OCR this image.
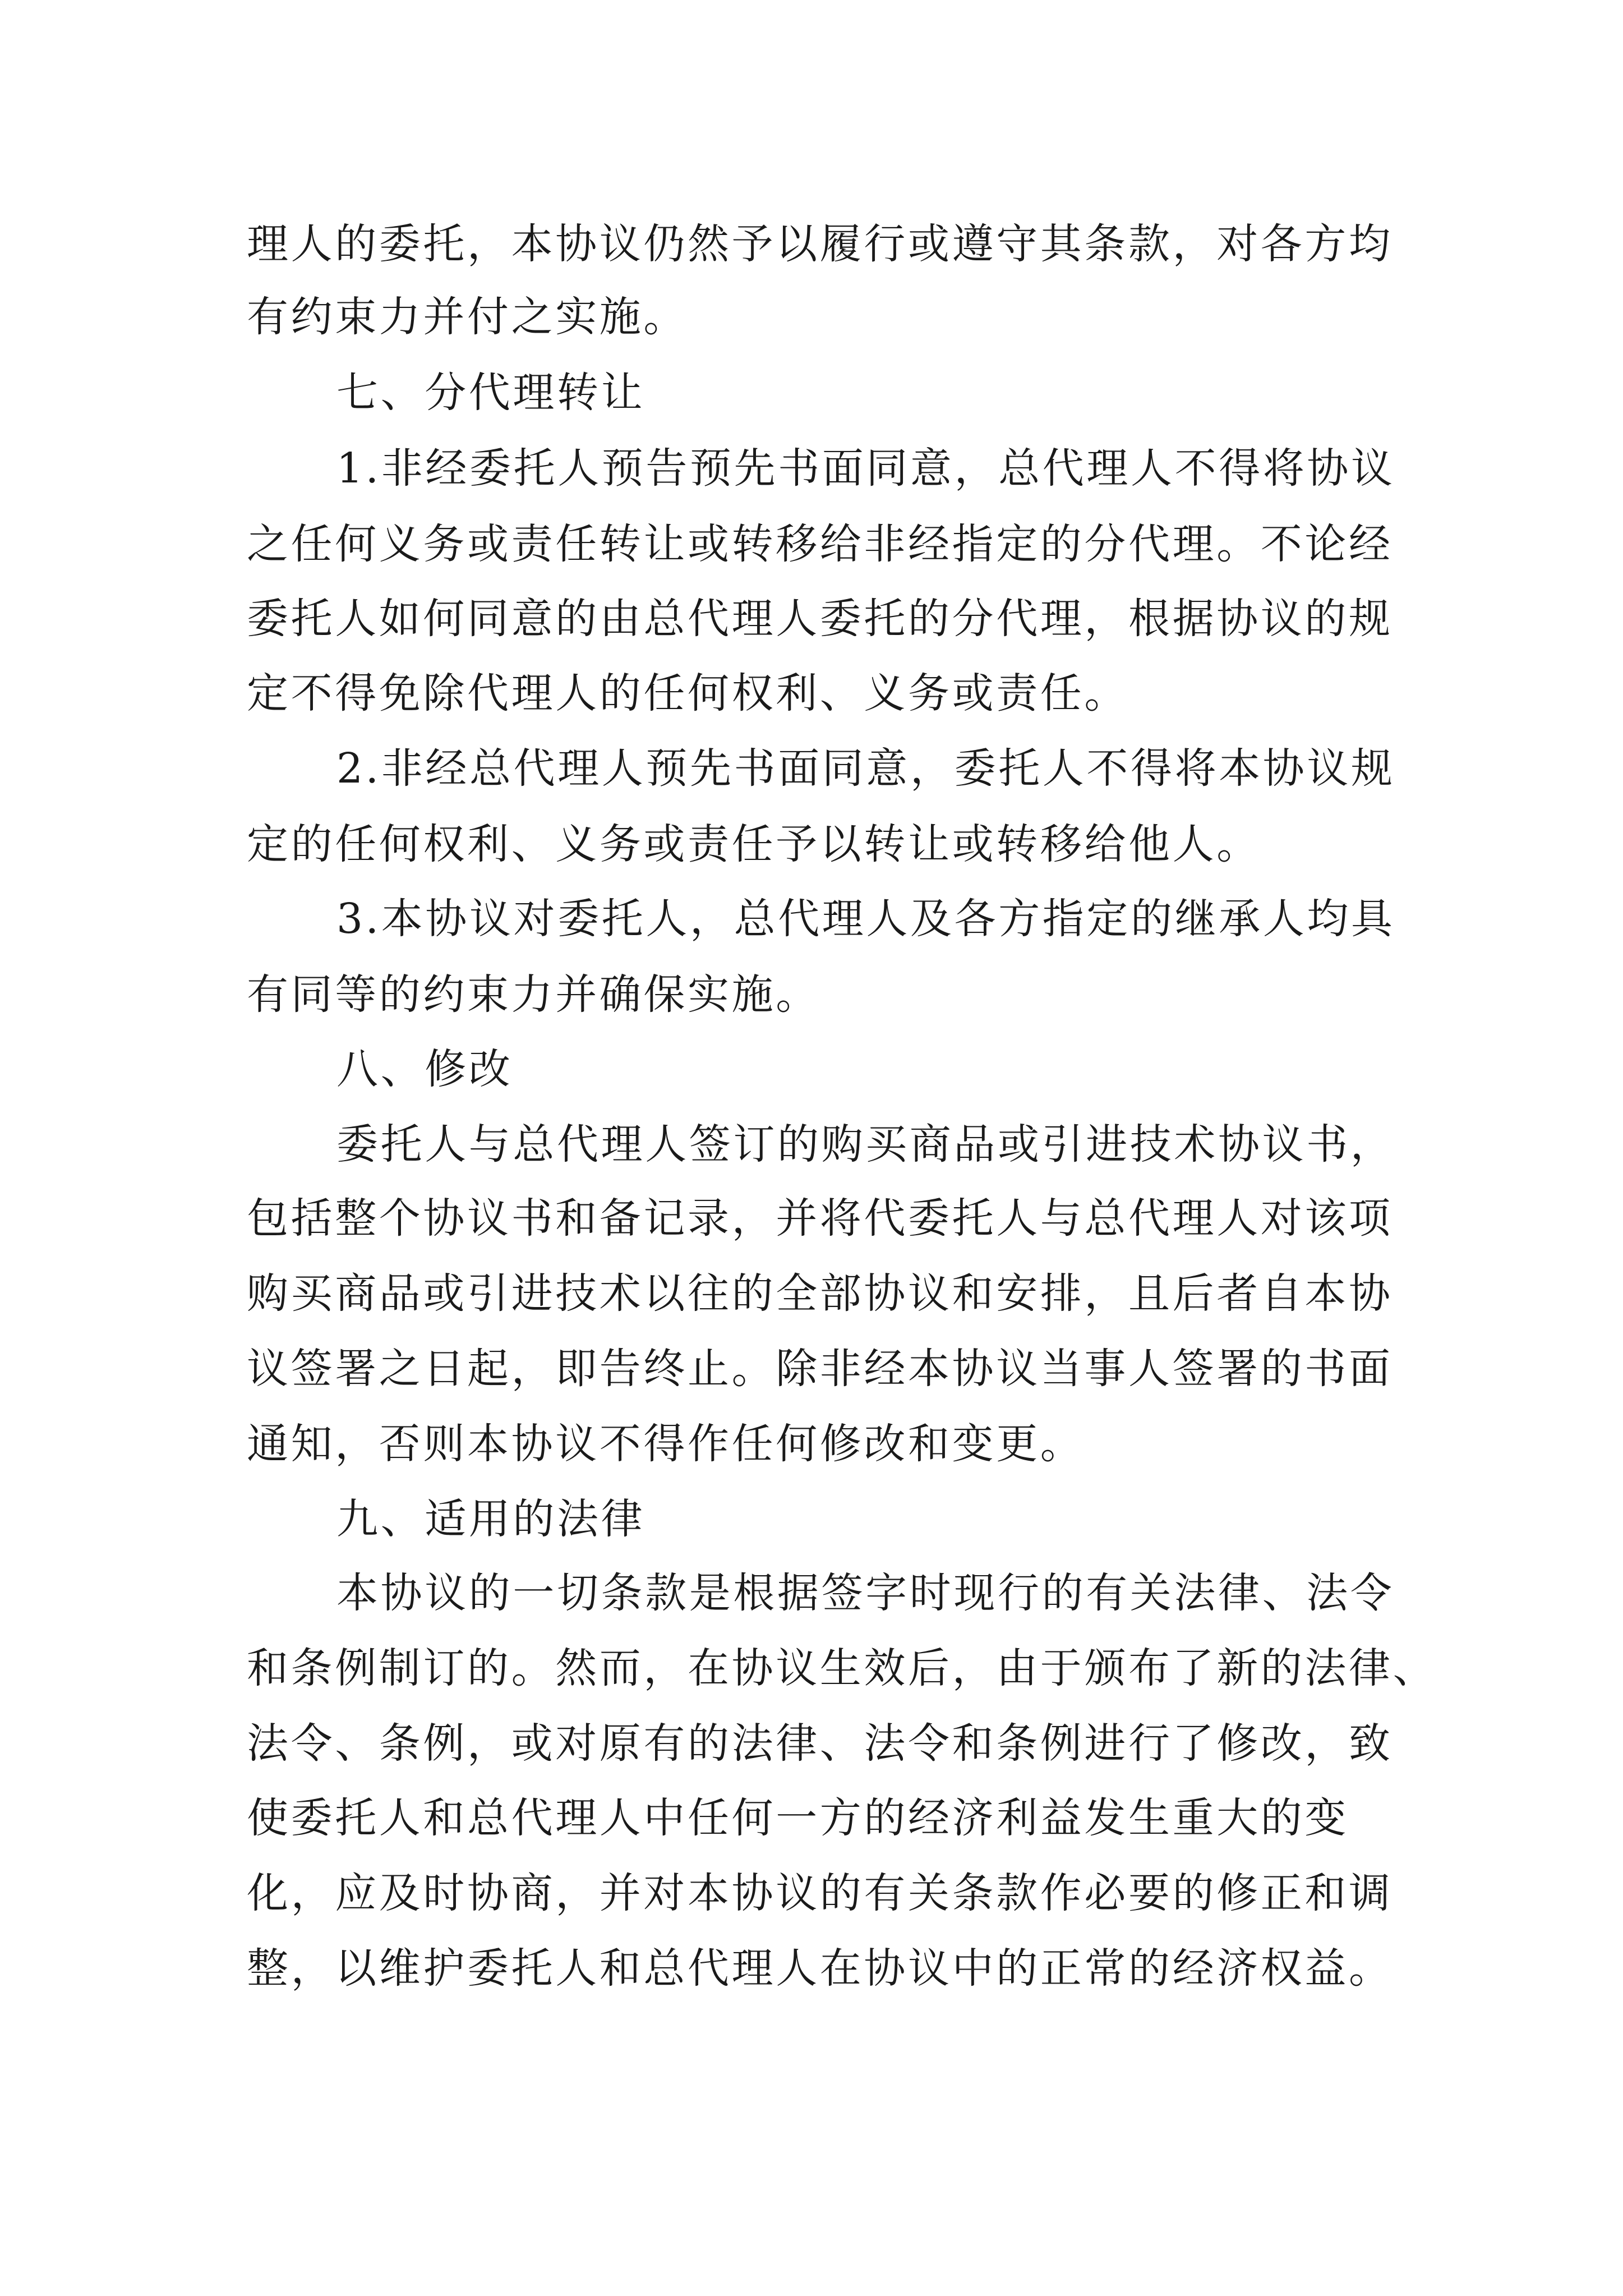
理人的委托，本协议仍然予以履行或遵守其条款，对各方均

有约束力并付之实施。

七、分代理转让

1.非经委托人预告预先书面同意，总代理人不得将协议

之任何义务或责任转让或转移给非经指定的分代理。不论经

委托人如何同意的由总代理人委托的分代理，根据协议的规

定不得免除代理人的任何权利、义务或责任。

2.非经总代理人预先书面同意，委托人不得将本协议规

定的任何权利、义务或责任予以转让或转移给他人。

3.本协议对委托人，总代理人及各方指定的继承人均具

有同等的约束力并确保实施。

八、修改

委托人与总代理人签订的购买商品或引进技术协议书，

包括整个协议书和备记录，并将代委托人与总代理人对该项

购买商品或引进技术以往的全部协议和安排，且后者自本协

议签署之日起，即告终止。除非经本协议当事人签署的书面

通知，否则本协议不得作任何修改和变更。

九、适用的法律

本协议的一切条款是根据签字时现行的有关法律、法令

和条例制订的。然而，在协议生效后，由于颁布了新的法律、

法令、条例，或对原有的法律、法令和条例进行了修改，致

使委托人和总代理人中任何一方的经济利益发生重大的变

化，应及时协商，并对本协议的有关条款作必要的修正和调

整，以维护委托人和总代理人在协议中的正常的经济权益。
